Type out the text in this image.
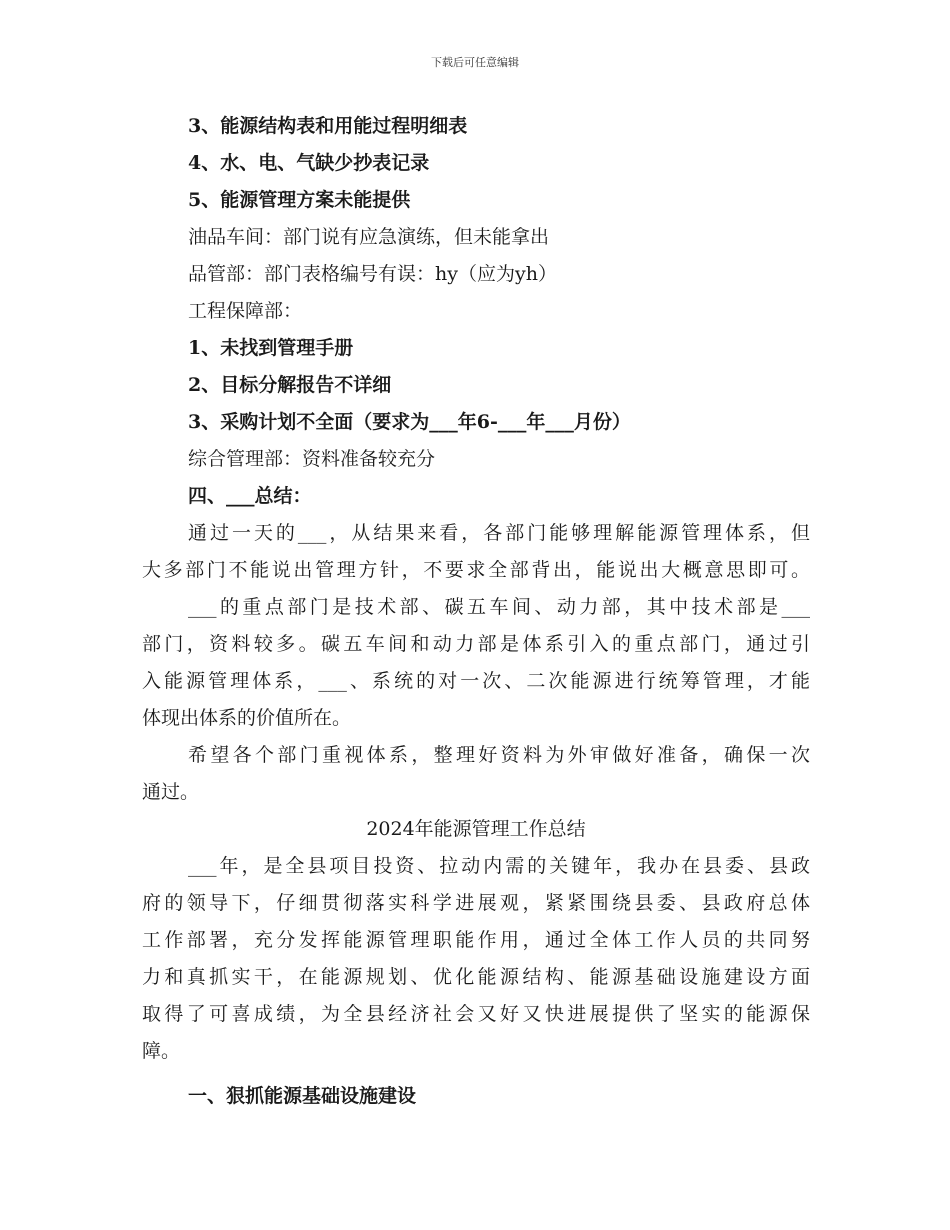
下载后可任意编辑
3、能源结构表和用能过程明细表
4、水、电、气缺少抄表记录
5、能源管理方案未能提供
油品车间：部门说有应急演练，但未能拿出
品管部：部门表格编号有误：hy（应为yh）
工程保障部：
1、未找到管理手册
2、目标分解报告不详细
3、采购计划不全面（要求为___年6-___年___月份）
综合管理部：资料准备较充分
四、___总结：
通过一天的___，从结果来看，各部门能够理解能源管理体系，但
大多部门不能说出管理方针，不要求全部背出，能说出大概意思即可。
___的重点部门是技术部、碳五车间、动力部，其中技术部是___
部门，资料较多。碳五车间和动力部是体系引入的重点部门，通过引
入能源管理体系，___、系统的对一次、二次能源进行统筹管理，才能
体现出体系的价值所在。
希望各个部门重视体系，整理好资料为外审做好准备，确保一次
通过。
2024年能源管理工作总结
___年，是全县项目投资、拉动内需的关键年，我办在县委、县政
府的领导下，仔细贯彻落实科学进展观，紧紧围绕县委、县政府总体
工作部署，充分发挥能源管理职能作用，通过全体工作人员的共同努
力和真抓实干，在能源规划、优化能源结构、能源基础设施建设方面
取得了可喜成绩，为全县经济社会又好又快进展提供了坚实的能源保
障。
一、狠抓能源基础设施建设
